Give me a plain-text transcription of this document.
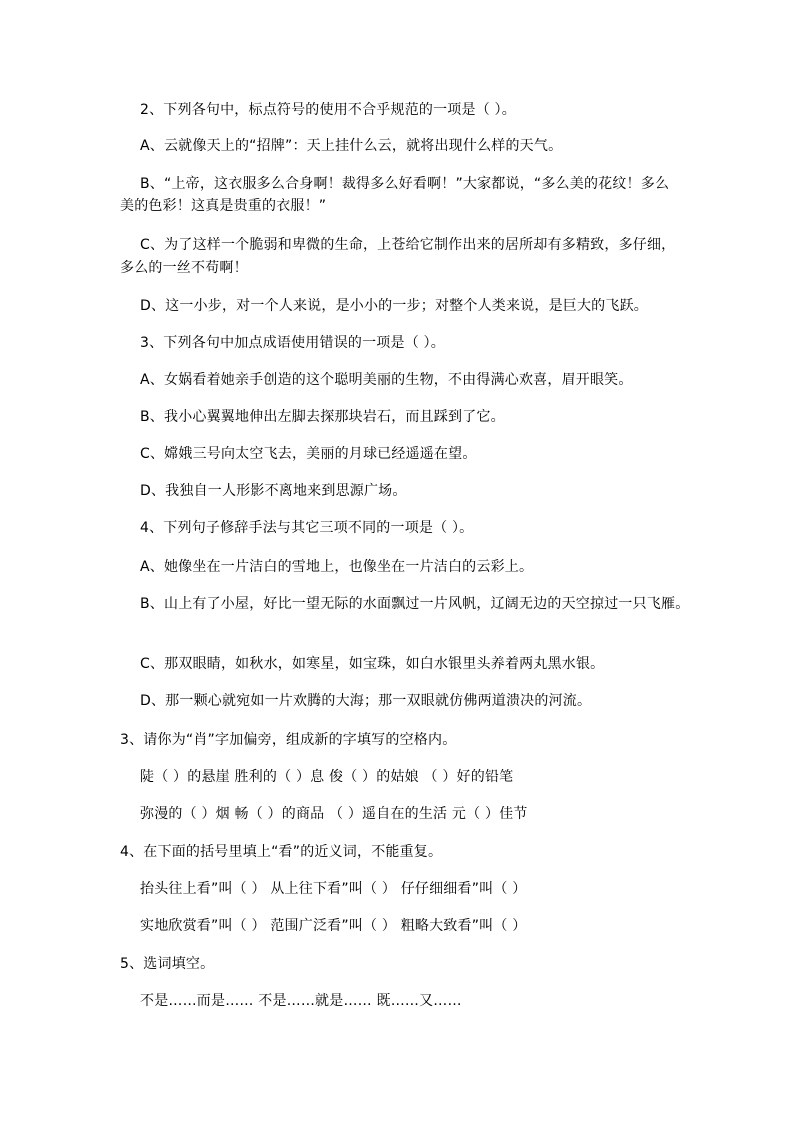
2、下列各句中，标点符号的使用不合乎规范的一项是（ ）。
A、云就像天上的“招牌”：天上挂什么云，就将出现什么样的天气。
B、“上帝，这衣服多么合身啊！裁得多么好看啊！”大家都说，“多么美的花纹！多么
美的色彩！这真是贵重的衣服！”
C、为了这样一个脆弱和卑微的生命，上苍给它制作出来的居所却有多精致，多仔细，
多么的一丝不苟啊！
D、这一小步，对一个人来说，是小小的一步；对整个人类来说，是巨大的飞跃。
3、下列各句中加点成语使用错误的一项是（ ）。
A、女娲看着她亲手创造的这个聪明美丽的生物，不由得满心欢喜，眉开眼笑。
B、我小心翼翼地伸出左脚去探那块岩石，而且踩到了它。
C、嫦娥三号向太空飞去，美丽的月球已经遥遥在望。
D、我独自一人形影不离地来到思源广场。
4、下列句子修辞手法与其它三项不同的一项是（ ）。
A、她像坐在一片洁白的雪地上，也像坐在一片洁白的云彩上。
B、山上有了小屋，好比一望无际的水面飘过一片风帆，辽阔无边的天空掠过一只飞雁。
C、那双眼睛，如秋水，如寒星，如宝珠，如白水银里头养着两丸黑水银。
D、那一颗心就宛如一片欢腾的大海；那一双眼就仿佛两道溃决的河流。
3、请你为“肖”字加偏旁，组成新的字填写的空格内。
陡（ ）的悬崖 胜利的（ ）息 俊（ ）的姑娘 （ ）好的铅笔
弥漫的（ ）烟 畅（ ）的商品 （ ）遥自在的生活 元（ ）佳节
4、在下面的括号里填上“看”的近义词，不能重复。
抬头往上看”叫（ ） 从上往下看”叫（ ） 仔仔细细看”叫（ ）
实地欣赏看”叫（ ） 范围广泛看”叫（ ） 粗略大致看”叫（ ）
5、选词填空。
不是……而是…… 不是……就是…… 既……又……
